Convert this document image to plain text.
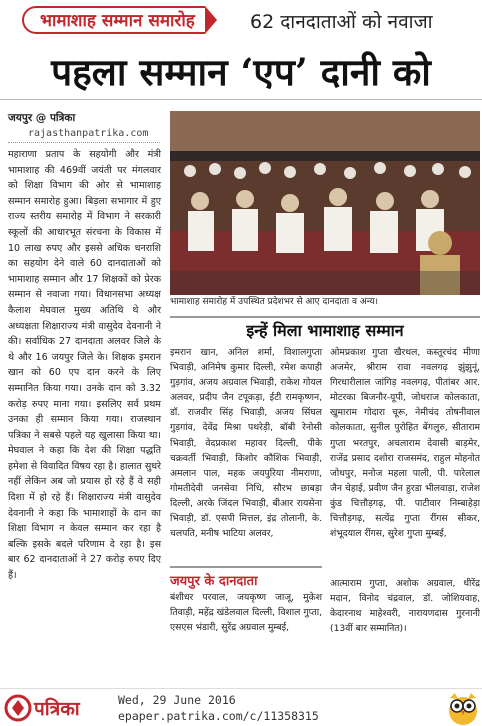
भामाशाह सम्मान समारोह	62 दानदाताओं को नवाजा
पहला सम्मान ‘एप’ दानी को
जयपुर @ पत्रिका
rajasthanpatrika.com
महाराणा प्रताप के सहयोगी और मंत्री भामाशाह की 469वीं जयंती पर मंगलवार को शिक्षा विभाग की ओर से भामाशाह सम्मान समारोह हुआ। बिड़ला सभागार में हुए राज्य स्तरीय समारोह में विभाग ने सरकारी स्कूलों की आधारभूत संरचना के विकास में 10 लाख रुपए और इससे अधिक धनराशि का सहयोग देने वाले 60 दानदाताओं को भामाशाह सम्मान और 17 शिक्षकों को प्रेरक सम्मान से नवाजा गया। विधानसभा अध्यक्ष कैलाश मेघवाल मुख्य अतिथि थे और अध्यक्षता शिक्षाराज्य मंत्री वासुदेव देवनानी ने की। सर्वाधिक 27 दानदाता अलवर जिले के थे और 16 जयपुर जिले के। शिक्षक इमरान खान को 60 एप दान करने के लिए सम्मानित किया गया। उनके दान को 3.32 करोड़ रुपए माना गया। इसलिए सर्व प्रथम उनका ही सम्मान किया गया। राजस्थान पत्रिका ने सबसे पहले यह खुलासा किया था। मेघवाल ने कहा कि देश की शिक्षा पद्धति हमेशा से विवादित विषय रहा है। हालात सुधरे नहीं लेकिन अब जो प्रयास हो रहे हैं वे सही दिशा में हो रहे हैं। शिक्षाराज्य मंत्री वासुदेव देवनानी ने कहा कि भामाशाहों के दान का शिक्षा विभाग न केवल सम्मान कर रहा है बल्कि इसके बदले परिणाम दे रहा है। इस बार 62 दानदाताओं ने 27 करोड़ रुपए दिए हैं।
भामाशाह समारोह में उपस्थित प्रदेशभर से आए दानदाता व अन्य।
इन्हें मिला भामाशाह सम्मान
इमरान खान, अनिल शर्मा, विशालगुप्ता भिवाड़ी, अनिमेष कुमार दिल्ली, रमेश कपाही गुड़गांव, अजय अग्रवाल भिवाड़ी, राकेश गोयल अलवर, प्रदीप जैन टपूकड़ा, ईटी रामकृष्णन, डॉ. राजवीर सिंह भिवाड़ी, अजय सिंघल गुड़गांव, देवेंद्र मिश्रा पथरेड़ी, बॉबी रेनोसी भिवाड़ी, वेदप्रकाश महावर दिल्ली, पीके चक्रवर्ती भिवाड़ी, किशोर कौशिक भिवाड़ी, अमलान पाल, महक जयपुरिया नीमराणा, गोमतीदेवी जनसेवा निधि, सौरभ छाबड़ा दिल्ली, अरके जिंदल भिवाड़ी, बीआर रायसेना भिवाड़ी, डॉ. एसपी मित्तल, इंद्र तोलानी, के. चलपति, मनीष भाटिया अलवर,
ओमप्रकाश गुप्ता खैरथल, कस्तूरचंद मीणा अजमेर, श्रीराम रावा नवलगढ़ झुंझुनूं, गिरधारीलाल जांगिड़ नवलगढ़, पीतांबर आर. मोटरका बिजनौर-यूपी, जोधराज कोलकाता, खुमाराम गोदारा चूरू, नेमीचंद तोषनीवाल कोलकाता, सुनील पुरोहित बेंगलुरु, सीताराम गुप्ता भरतपुर, अचलाराम देवासी बाड़मेर, राजेंद्र प्रसाद दशोरा राजसमंद, राहुल मोहनोत जोधपुर, मनोज महला पाली, पी. पारेलाल जैन चेहाई, प्रवीण जैन हुरडा भीलवाड़ा, राजेश कुंड चित्तौड़गढ़, पी. पाटीवार निम्बाहेड़ा चित्तौड़गढ़, सत्येंद्र गुप्ता रींगस सीकर, शंभूदयाल रींगस, सुरेश गुप्ता मुम्बई,
जयपुर के दानदाता
बंशीधर परवाल, जयकृष्ण जाजू, मुकेश तिवाड़ी, महेंद्र खंडेलवाल दिल्ली, विशाल गुप्ता, एसएस भंडारी, सुरेंद्र अग्रवाल मुम्बई,
आत्माराम गुप्ता, अशोक अग्रवाल, धीरेंद्र मदान, विनोद चंद्रवाल, डॉ. जोशियवाह, केदारनाथ माहेश्वरी, नारायणदास गुरनानी (13वीं बार सम्मानित)।
पत्रिका	Wed, 29 June 2016
epaper.patrika.com/c/11358315
